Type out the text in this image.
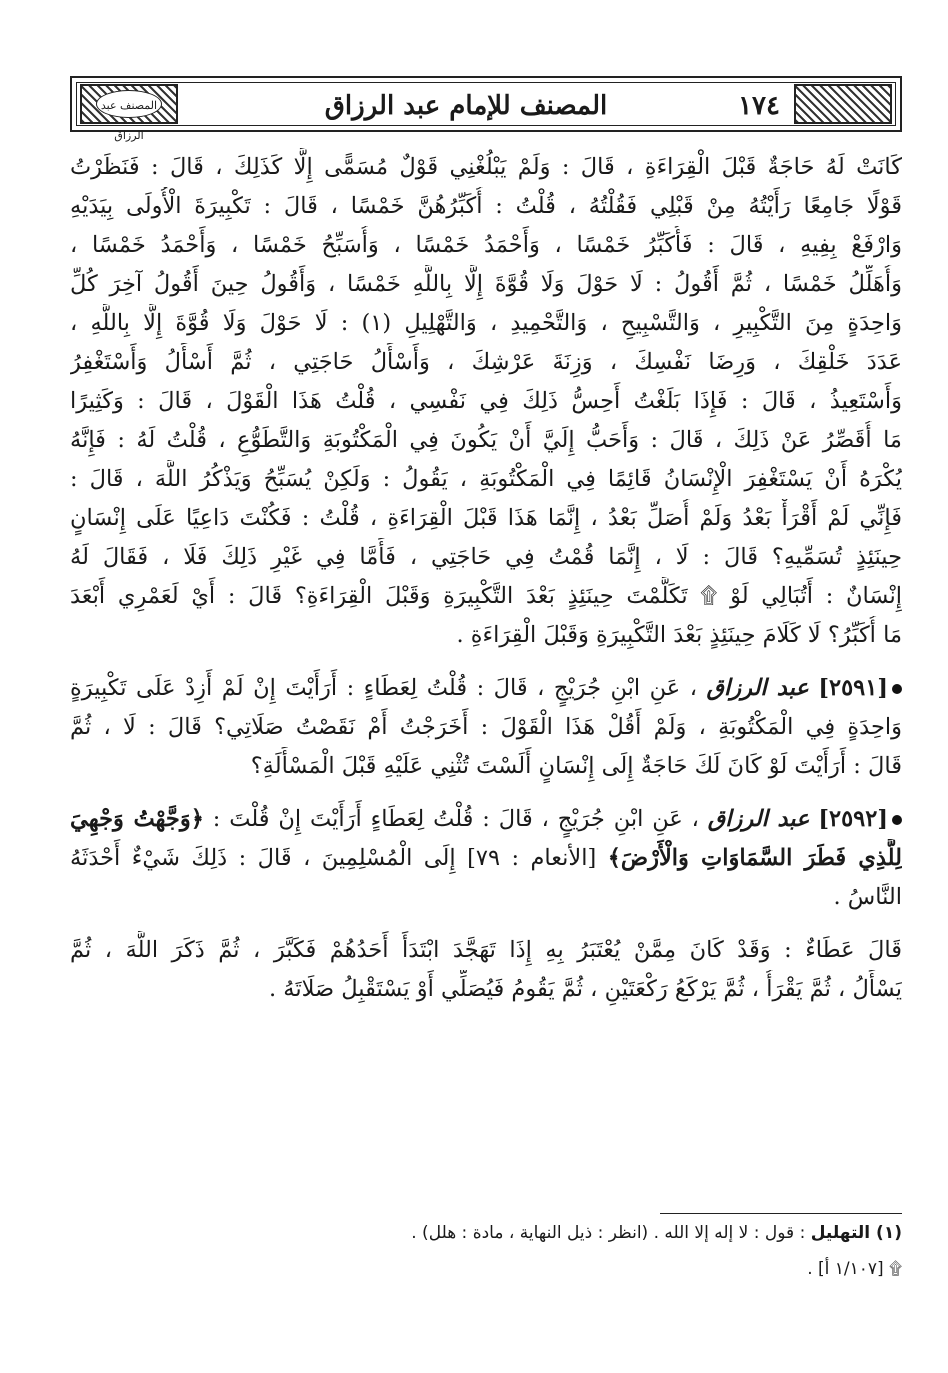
المصنف عبد الرزاق
المصنف للإمام عبد الرزاق	١٧٤
كَانَتْ لَهُ حَاجَةٌ قَبْلَ الْقِرَاءَةِ ، قَالَ : وَلَمْ يَبْلُغْنِي قَوْلٌ مُسَمًّى إِلَّا كَذَلِكَ ، قَالَ : فَنَظَرْتُ
قَوْلًا جَامِعًا رَأَيْتُهُ مِنْ قَبْلِي فَقُلْتُهُ ، قُلْتُ : أُكَبِّرُهُنَّ خَمْسًا ، قَالَ : تَكْبِيرَةَ الْأُولَى بِيَدَيْهِ
وَارْفَعْ بِفِيهِ ، قَالَ : فَأُكَبِّرُ خَمْسًا ، وَأَحْمَدُ خَمْسًا ، وَأُسَبِّحُ خَمْسًا ، وَأَحْمَدُ خَمْسًا ،
وَأُهَلِّلُ خَمْسًا ، ثُمَّ أَقُولُ : لَا حَوْلَ وَلَا قُوَّةَ إِلَّا بِاللَّهِ خَمْسًا ، وَأَقُولُ حِينَ أَقُولُ آخِرَ كُلِّ
وَاحِدَةٍ مِنَ التَّكْبِيرِ ، وَالتَّسْبِيحِ ، وَالتَّحْمِيدِ ، وَالتَّهْلِيلِ (١) : لَا حَوْلَ وَلَا قُوَّةَ إِلَّا بِاللَّهِ ،
عَدَدَ خَلْقِكَ ، وَرِضَا نَفْسِكَ ، وَزِنَةَ عَرْشِكَ ، وَأَسْأَلُ حَاجَتِي ، ثُمَّ أَسْأَلُ وَأَسْتَغْفِرُ
وَأَسْتَعِيذُ ، قَالَ : فَإِذَا بَلَغْتُ أَحِسُّ ذَلِكَ فِي نَفْسِي ، قُلْتُ هَذَا الْقَوْلَ ، قَالَ : وَكَثِيرًا
مَا أُقَصِّرُ عَنْ ذَلِكَ ، قَالَ : وَأَحَبُّ إِلَيَّ أَنْ يَكُونَ فِي الْمَكْتُوبَةِ وَالتَّطَوُّعِ ، قُلْتُ لَهُ : فَإِنَّهُ
يُكْرَهُ أَنْ يَسْتَغْفِرَ الْإِنْسَانُ قَائِمًا فِي الْمَكْتُوبَةِ ، يَقُولُ : وَلَكِنْ يُسَبِّحُ وَيَذْكُرُ اللَّهَ ، قَالَ :
فَإِنِّي لَمْ أَقْرَأْ بَعْدُ وَلَمْ أُصَلِّ بَعْدُ ، إِنَّمَا هَذَا قَبْلَ الْقِرَاءَةِ ، قُلْتُ : فَكُنْتَ دَاعِيًا عَلَى إِنْسَانٍ
حِينَئِذٍ تُسَمِّيهِ؟ قَالَ : لَا ، إِنَّمَا قُمْتُ فِي حَاجَتِي ، فَأَمَّا فِي غَيْرِ ذَلِكَ فَلَا ، فَقَالَ لَهُ
إِنْسَانٌ : أَتُبَالِي لَوْ ۩ تَكَلَّمْتَ حِينَئِذٍ بَعْدَ التَّكْبِيرَةِ وَقَبْلَ الْقِرَاءَةِ؟ قَالَ : أَيْ لَعَمْرِي أَبْعَدَ
مَا أُكَبِّرُ؟ لَا كَلَامَ حِينَئِذٍ بَعْدَ التَّكْبِيرَةِ وَقَبْلَ الْقِرَاءَةِ .
[٢٥٩١] عبد الرزاق ، عَنِ ابْنِ جُرَيْجٍ ، قَالَ : قُلْتُ لِعَطَاءٍ : أَرَأَيْتَ إِنْ لَمْ أَزِدْ عَلَى تَكْبِيرَةٍ
وَاحِدَةٍ فِي الْمَكْتُوبَةِ ، وَلَمْ أَقُلْ هَذَا الْقَوْلَ : أَخَرَجْتُ أَمْ نَقَصْتُ صَلَاتِي؟ قَالَ : لَا ، ثُمَّ
قَالَ : أَرَأَيْتَ لَوْ كَانَ لَكَ حَاجَةٌ إِلَى إِنْسَانٍ أَلَسْتَ تُثْنِي عَلَيْهِ قَبْلَ الْمَسْأَلَةِ؟
[٢٥٩٢] عبد الرزاق ، عَنِ ابْنِ جُرَيْجٍ ، قَالَ : قُلْتُ لِعَطَاءٍ أَرَأَيْتَ إِنْ قُلْتَ : ﴿وَجَّهْتُ وَجْهِيَ
لِلَّذِي فَطَرَ السَّمَاوَاتِ وَالْأَرْضَ﴾ [الأنعام : ٧٩] إِلَى الْمُسْلِمِينَ ، قَالَ : ذَلِكَ شَيْءٌ أَحْدَثَهُ
النَّاسُ .
قَالَ عَطَاءٌ : وَقَدْ كَانَ مِمَّنْ يُعْتَبَرُ بِهِ إِذَا تَهَجَّدَ ابْتَدَأَ أَحَدُهُمْ فَكَبَّرَ ، ثُمَّ ذَكَرَ اللَّهَ ، ثُمَّ
يَسْأَلُ ، ثُمَّ يَقْرَأُ ، ثُمَّ يَرْكَعُ رَكْعَتَيْنِ ، ثُمَّ يَقُومُ فَيُصَلِّي أَوْ يَسْتَقْبِلُ صَلَاتَهُ .
(١) التهليل : قول : لا إله إلا الله . (انظر : ذيل النهاية ، مادة : هلل) .
۩ [١/١٠٧ أ] .
